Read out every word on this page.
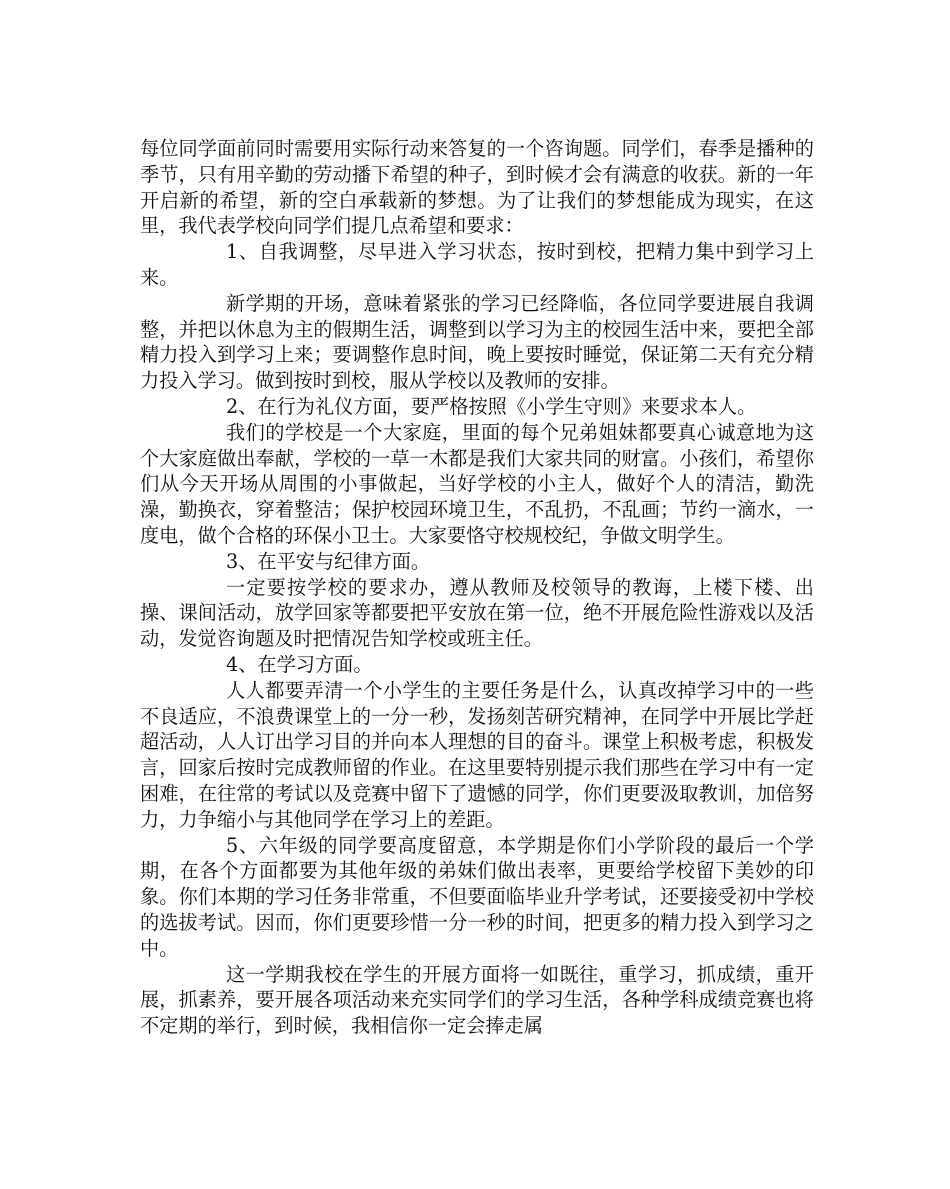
每位同学面前同时需要用实际行动来答复的一个咨询题。同学们，春季是播种的季节，只有用辛勤的劳动播下希望的种子，到时候才会有满意的收获。新的一年开启新的希望，新的空白承载新的梦想。为了让我们的梦想能成为现实，在这里，我代表学校向同学们提几点希望和要求：

1、自我调整，尽早进入学习状态，按时到校，把精力集中到学习上来。

新学期的开场，意味着紧张的学习已经降临，各位同学要进展自我调整，并把以休息为主的假期生活，调整到以学习为主的校园生活中来，要把全部精力投入到学习上来；要调整作息时间，晚上要按时睡觉，保证第二天有充分精力投入学习。做到按时到校，服从学校以及教师的安排。

2、在行为礼仪方面，要严格按照《小学生守则》来要求本人。

我们的学校是一个大家庭，里面的每个兄弟姐妹都要真心诚意地为这个大家庭做出奉献，学校的一草一木都是我们大家共同的财富。小孩们，希望你们从今天开场从周围的小事做起，当好学校的小主人，做好个人的清洁，勤洗澡，勤换衣，穿着整洁；保护校园环境卫生，不乱扔，不乱画；节约一滴水，一度电，做个合格的环保小卫士。大家要恪守校规校纪，争做文明学生。

3、在平安与纪律方面。

一定要按学校的要求办，遵从教师及校领导的教诲，上楼下楼、出操、课间活动，放学回家等都要把平安放在第一位，绝不开展危险性游戏以及活动，发觉咨询题及时把情况告知学校或班主任。

4、在学习方面。

人人都要弄清一个小学生的主要任务是什么，认真改掉学习中的一些不良适应，不浪费课堂上的一分一秒，发扬刻苦研究精神，在同学中开展比学赶超活动，人人订出学习目的并向本人理想的目的奋斗。课堂上积极考虑，积极发言，回家后按时完成教师留的作业。在这里要特别提示我们那些在学习中有一定困难，在往常的考试以及竞赛中留下了遗憾的同学，你们更要汲取教训，加倍努力，力争缩小与其他同学在学习上的差距。

5、六年级的同学要高度留意，本学期是你们小学阶段的最后一个学期，在各个方面都要为其他年级的弟妹们做出表率，更要给学校留下美妙的印象。你们本期的学习任务非常重，不但要面临毕业升学考试，还要接受初中学校的选拔考试。因而，你们更要珍惜一分一秒的时间，把更多的精力投入到学习之中。

这一学期我校在学生的开展方面将一如既往，重学习，抓成绩，重开展，抓素养，要开展各项活动来充实同学们的学习生活，各种学科成绩竞赛也将不定期的举行，到时候，我相信你一定会捧走属
